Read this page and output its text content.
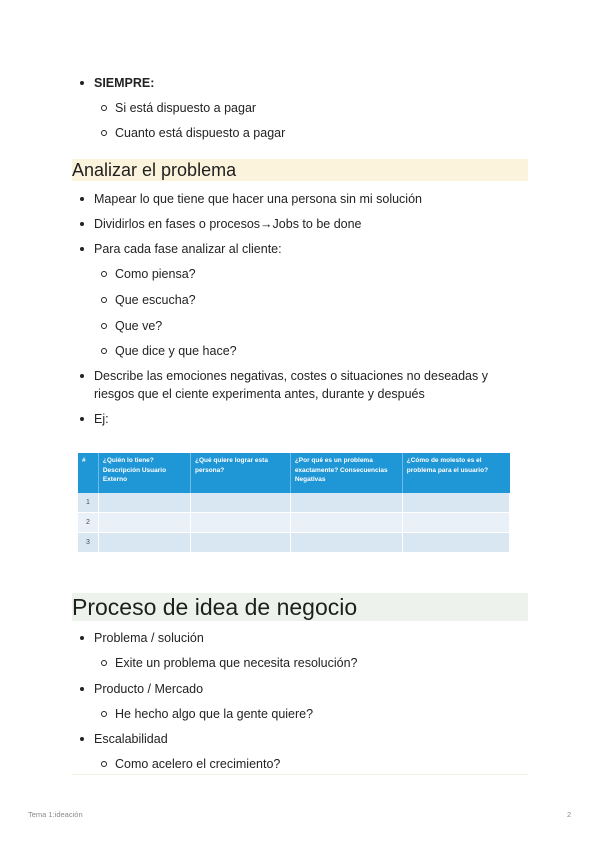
SIEMPRE:
Si está dispuesto a pagar
Cuanto está dispuesto a pagar
Analizar el problema
Mapear lo que tiene que hacer una persona sin mi solución
Dividirlos en fases o procesos→Jobs to be done
Para cada fase analizar al cliente:
Como piensa?
Que escucha?
Que ve?
Que dice y que hace?
Describe las emociones negativas, costes o situaciones no deseadas y riesgos que el ciente experimenta antes, durante y después
Ej:
#	¿Quién lo tiene? Descripción Usuario Externo	¿Qué quiere lograr esta persona?	¿Por qué es un problema exactamente? Consecuencias Negativas	¿Cómo de molesto es el problema para el usuario?
1				
2				
3				
Proceso de idea de negocio
Problema / solución
Exite un problema que necesita resolución?
Producto / Mercado
He hecho algo que la gente quiere?
Escalabilidad
Como acelero el crecimiento?
Tema 1:ideación	2
